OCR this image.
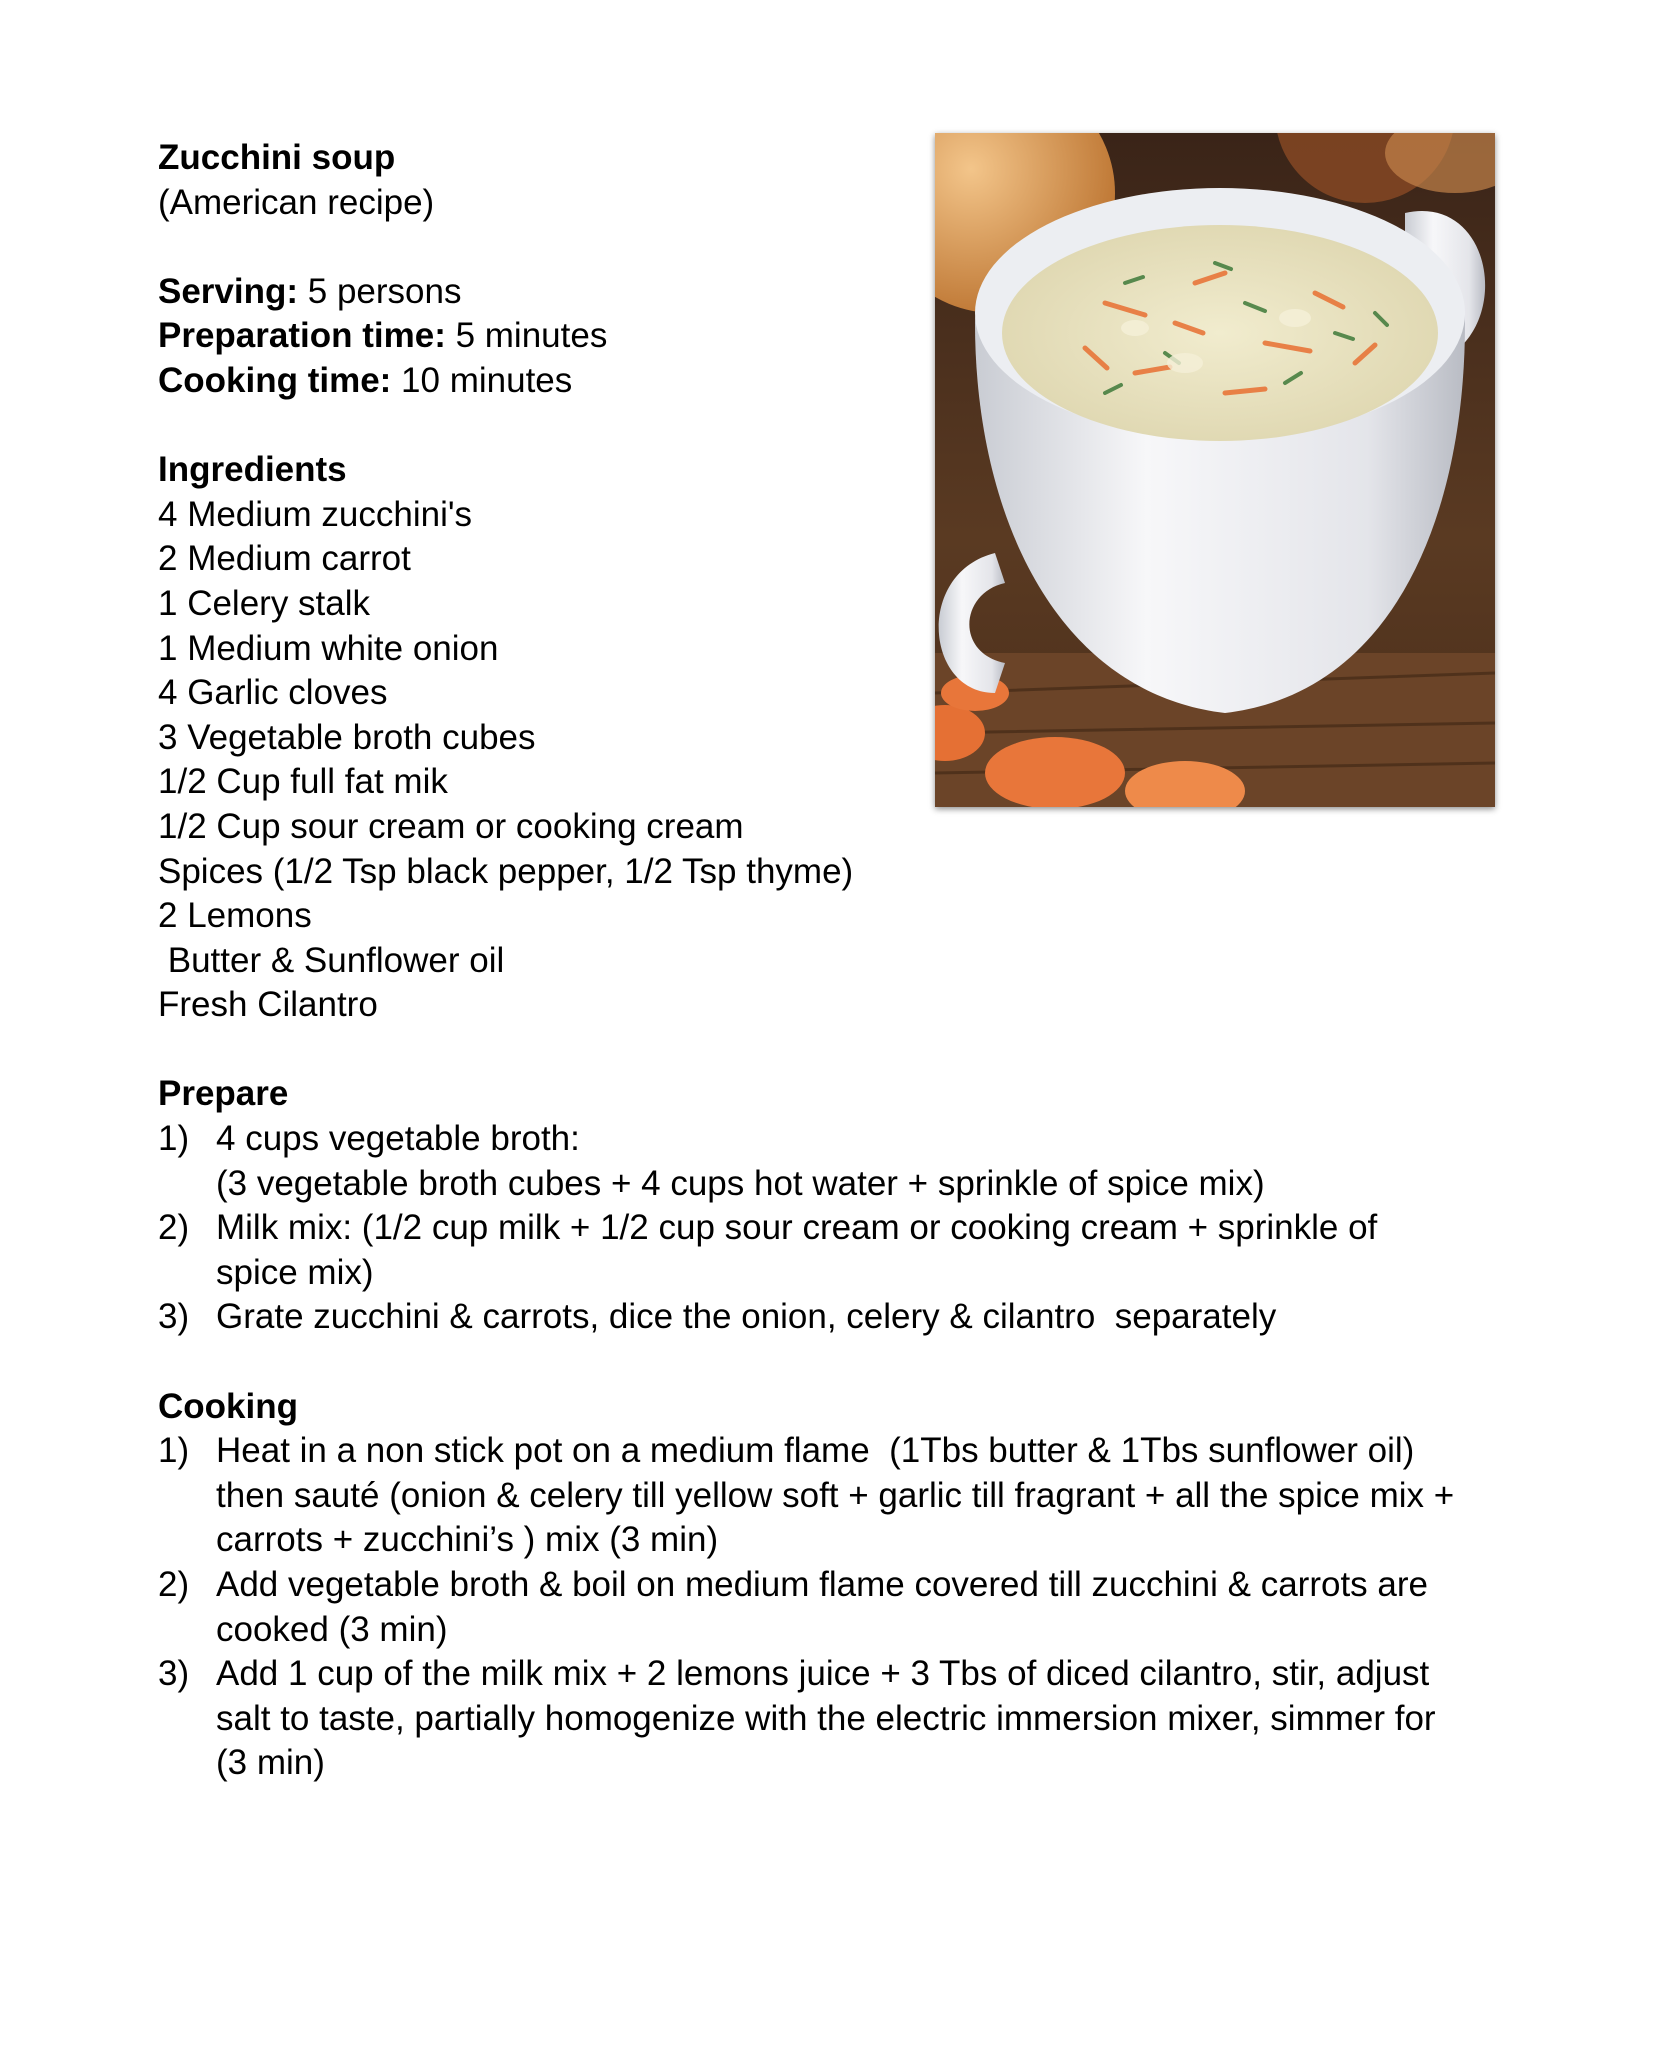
Zucchini soup
(American recipe)
Serving: 5 persons
Preparation time: 5 minutes
Cooking time: 10 minutes
Ingredients
4 Medium zucchini's
2 Medium carrot
1 Celery stalk
1 Medium white onion
4 Garlic cloves
3 Vegetable broth cubes
1/2 Cup full fat mik
1/2 Cup sour cream or cooking cream
Spices (1/2 Tsp black pepper, 1/2 Tsp thyme)
2 Lemons
Butter & Sunflower oil
Fresh Cilantro
Prepare
1) 4 cups vegetable broth:
(3 vegetable broth cubes + 4 cups hot water + sprinkle of spice mix)
2) Milk mix: (1/2 cup milk + 1/2 cup sour cream or cooking cream + sprinkle of
spice mix)
3) Grate zucchini & carrots, dice the onion, celery & cilantro  separately
Cooking
1) Heat in a non stick pot on a medium flame  (1Tbs butter & 1Tbs sunflower oil)
then sauté (onion & celery till yellow soft + garlic till fragrant + all the spice mix +
carrots + zucchini’s ) mix (3 min)
2) Add vegetable broth & boil on medium flame covered till zucchini & carrots are
cooked (3 min)
3) Add 1 cup of the milk mix + 2 lemons juice + 3 Tbs of diced cilantro, stir, adjust
salt to taste, partially homogenize with the electric immersion mixer, simmer for
(3 min)
